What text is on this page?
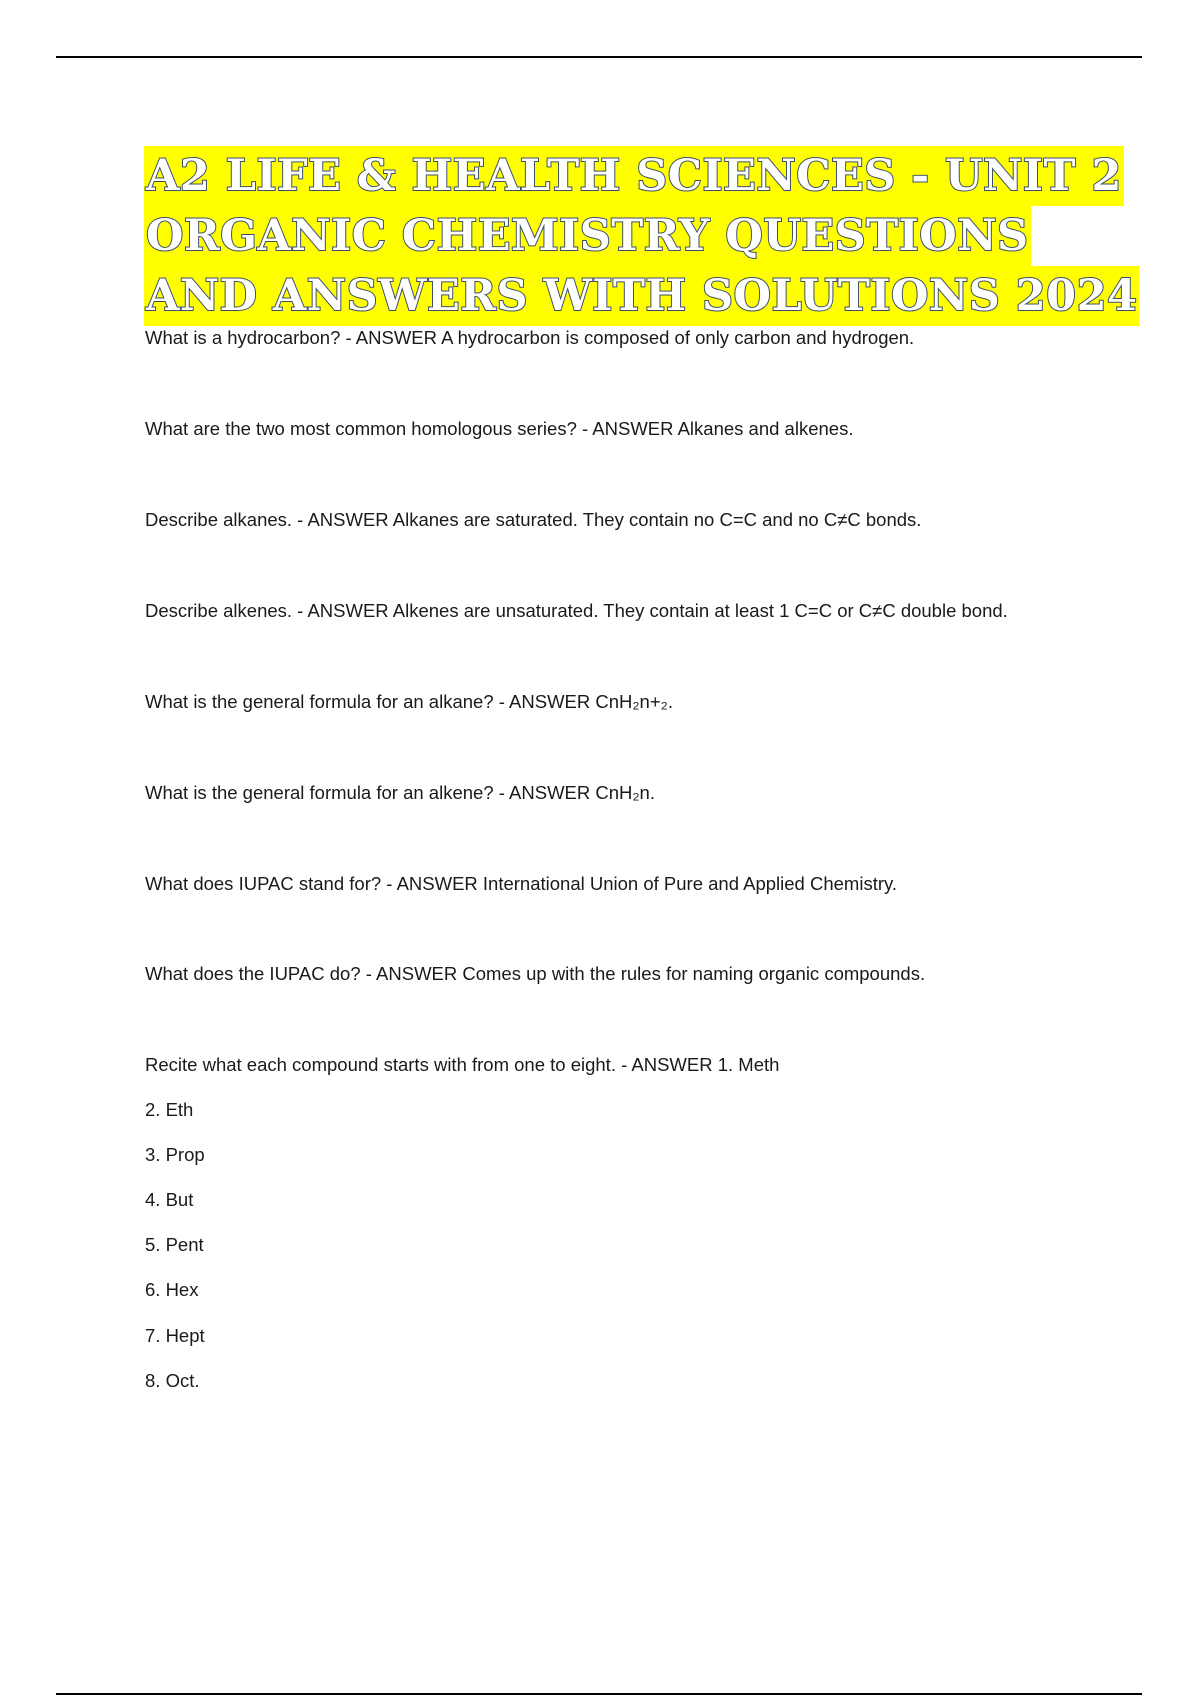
A2 LIFE & HEALTH SCIENCES - UNIT 2
ORGANIC CHEMISTRY QUESTIONS
AND ANSWERS WITH SOLUTIONS 2024
What is a hydrocarbon? - ANSWER A hydrocarbon is composed of only carbon and hydrogen.
What are the two most common homologous series? - ANSWER Alkanes and alkenes.
Describe alkanes. - ANSWER Alkanes are saturated. They contain no C=C and no C≠C bonds.
Describe alkenes. - ANSWER Alkenes are unsaturated. They contain at least 1 C=C or C≠C double bond.
What is the general formula for an alkane? - ANSWER CnH₂n+₂.
What is the general formula for an alkene? - ANSWER CnH₂n.
What does IUPAC stand for? - ANSWER International Union of Pure and Applied Chemistry.
What does the IUPAC do? - ANSWER Comes up with the rules for naming organic compounds.
Recite what each compound starts with from one to eight. - ANSWER 1. Meth
2. Eth
3. Prop
4. But
5. Pent
6. Hex
7. Hept
8. Oct.
